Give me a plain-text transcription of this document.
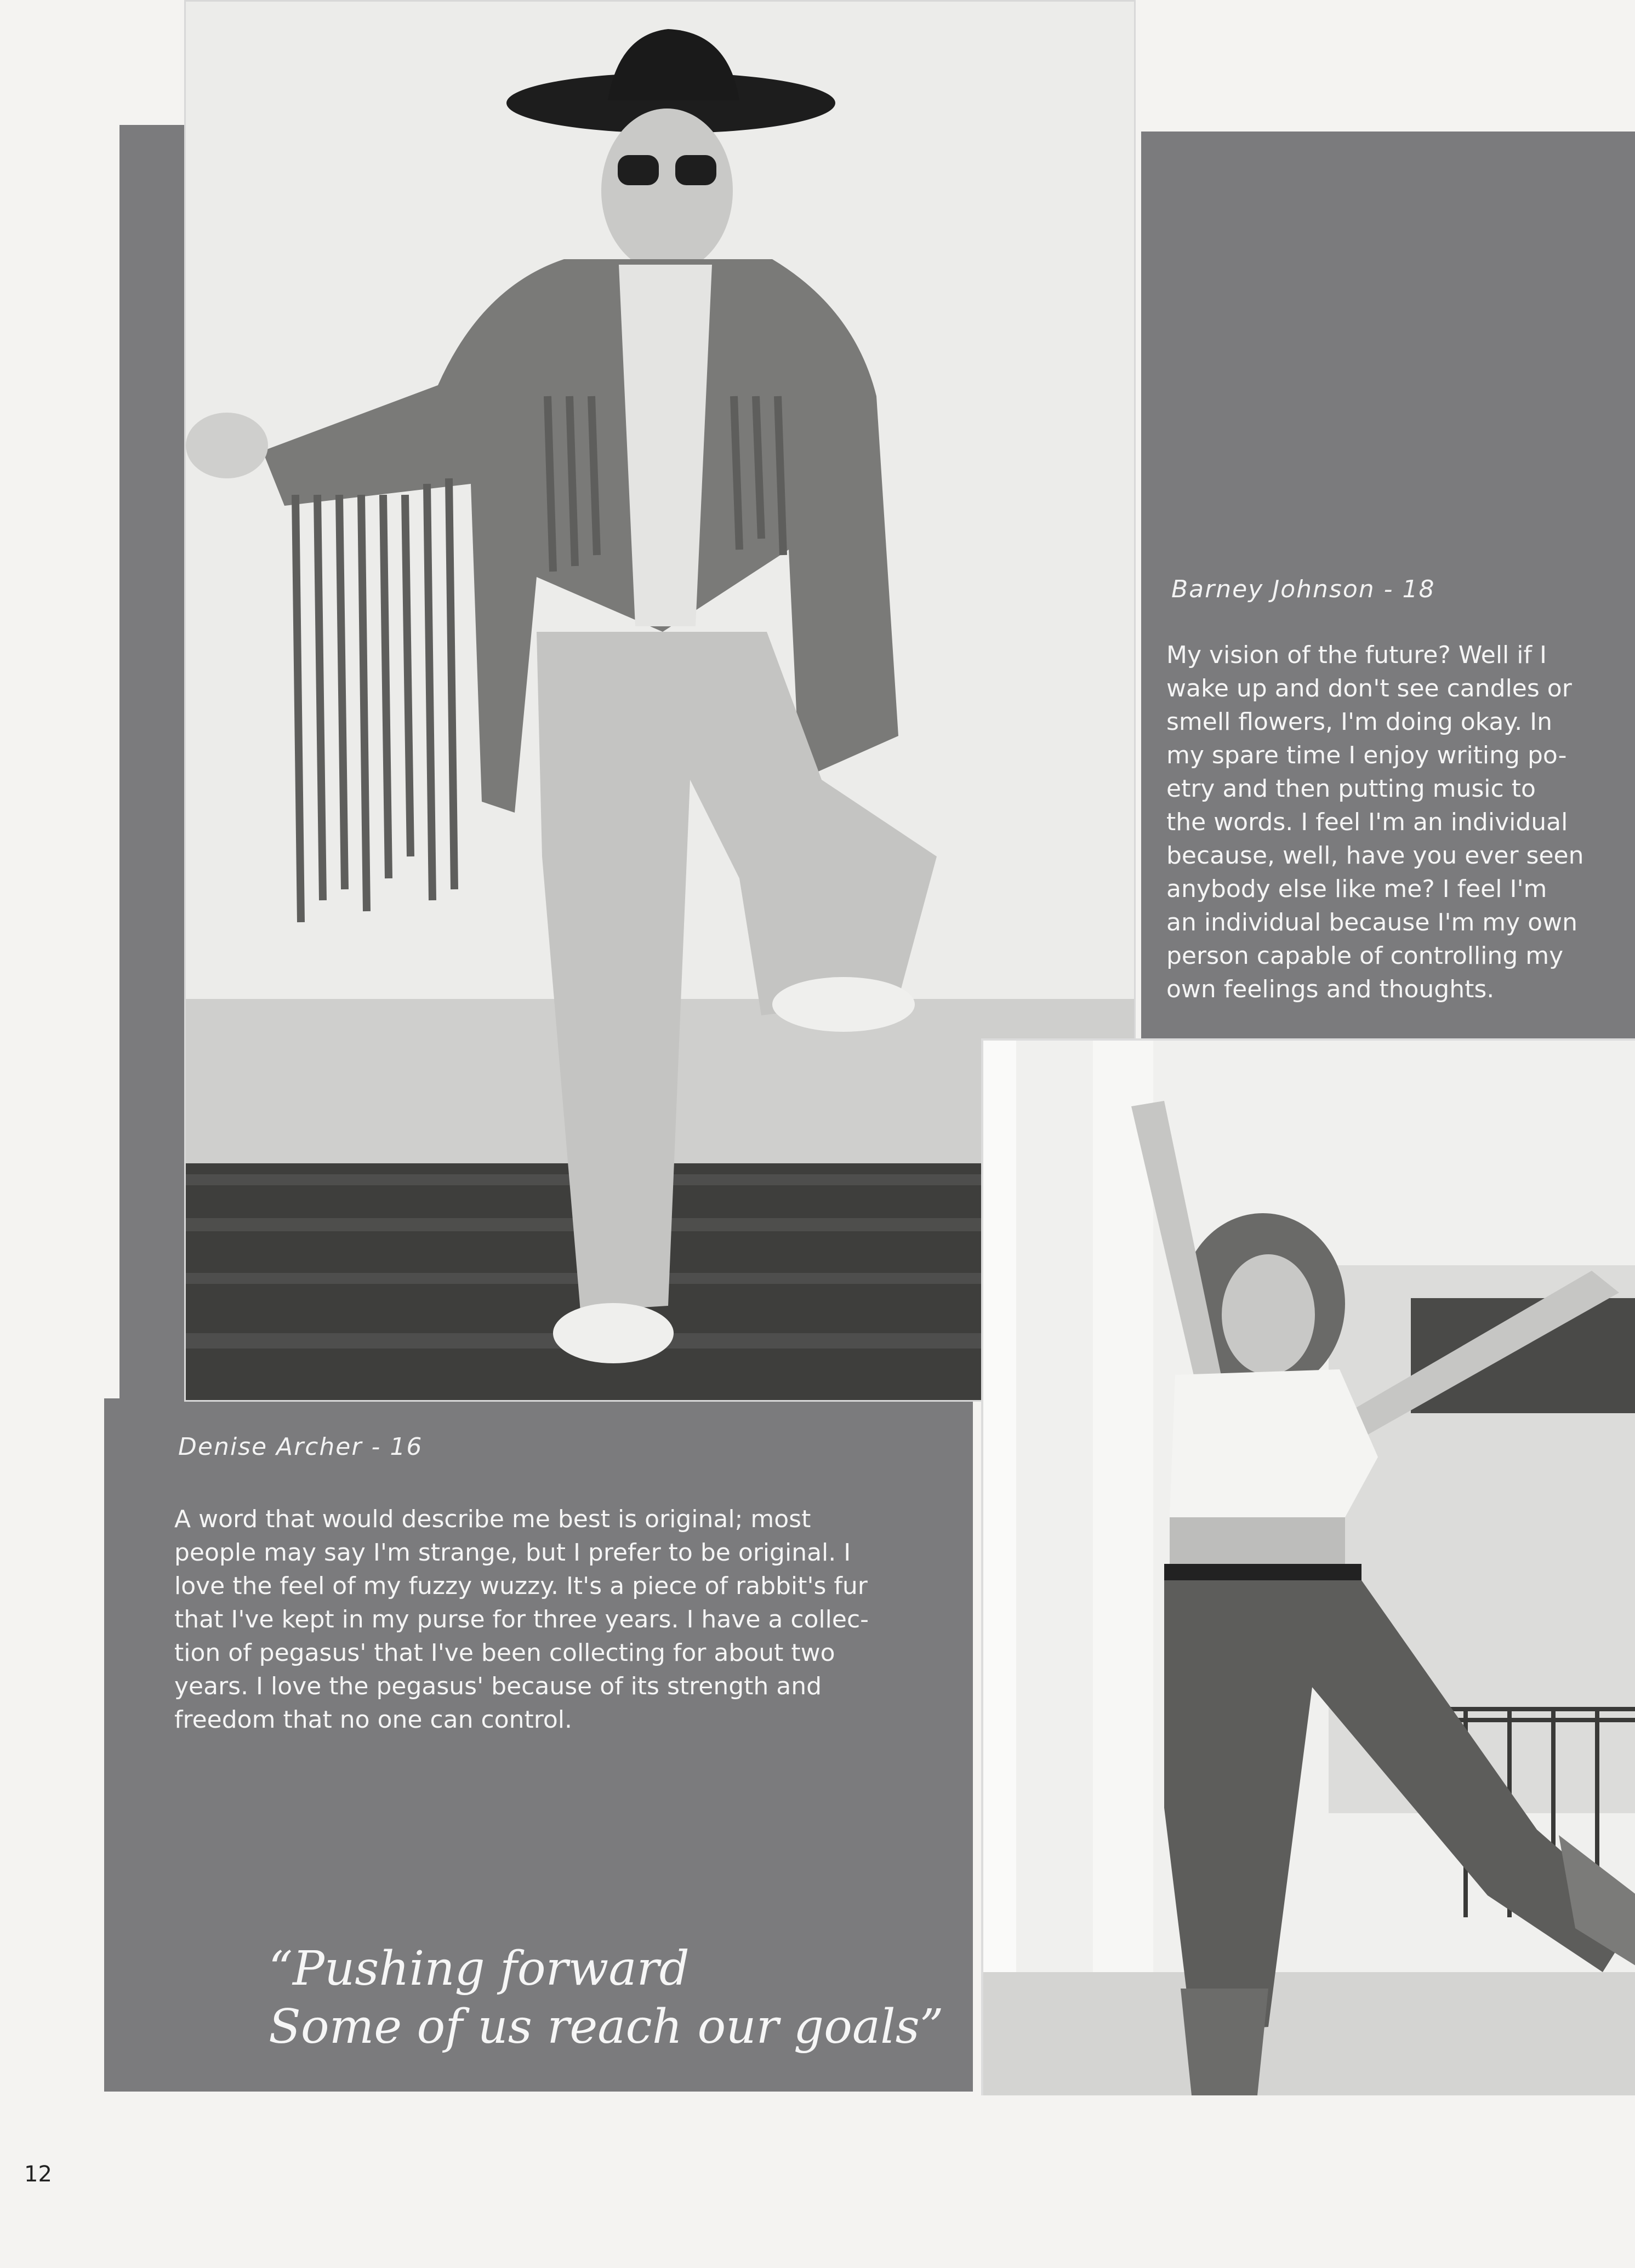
Barney Johnson - 18

My vision of the future? Well if I
wake up and don't see candles or
smell flowers, I'm doing okay. In
my spare time I enjoy writing po-
etry and then putting music to
the words. I feel I'm an individual
because, well, have you ever seen
anybody else like me? I feel I'm
an individual because I'm my own
person capable of controlling my
own feelings and thoughts.

Denise Archer - 16

A word that would describe me best is original; most
people may say I'm strange, but I prefer to be original. I
love the feel of my fuzzy wuzzy. It's a piece of rabbit's fur
that I've kept in my purse for three years. I have a collec-
tion of pegasus' that I've been collecting for about two
years. I love the pegasus' because of its strength and
freedom that no one can control.

“Pushing forward
Some of us reach our goals”

12
